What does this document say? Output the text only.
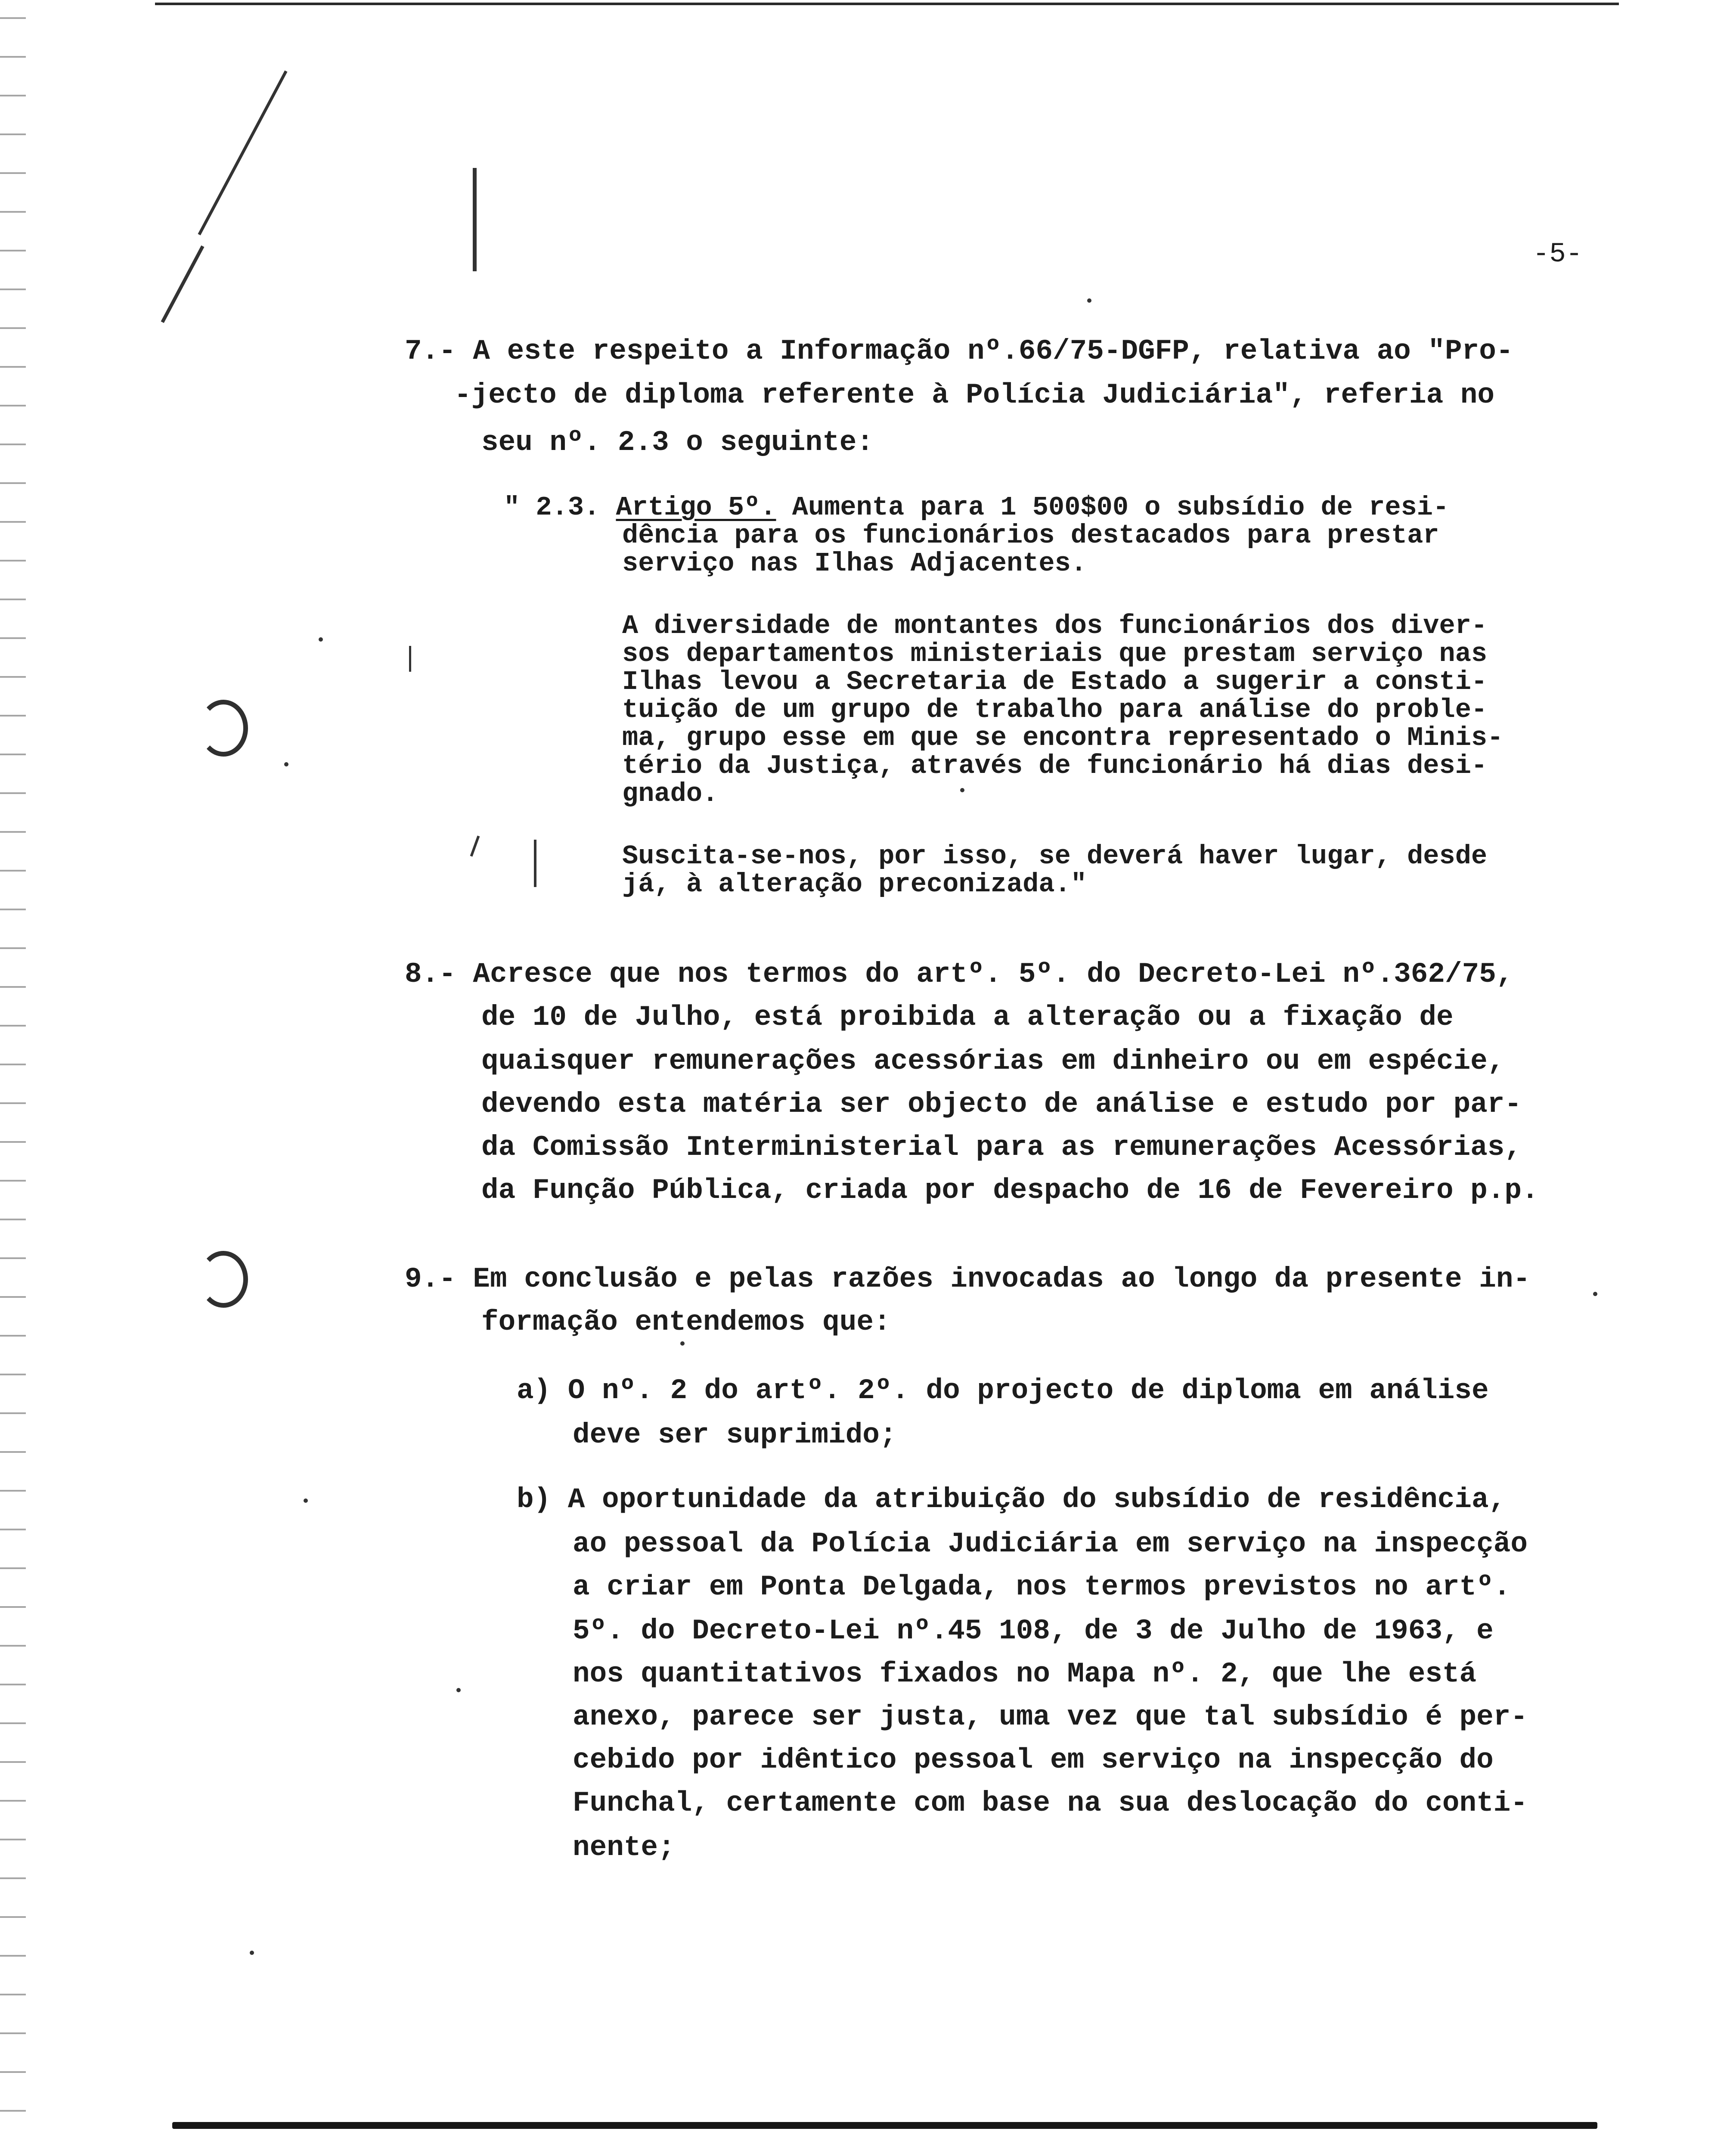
-5-
7.- A este respeito a Informação nº.66/75-DGFP, relativa ao "Pro-
-jecto de diploma referente à Polícia Judiciária", referia no
seu nº. 2.3 o seguinte:
" 2.3. Artigo 5º. Aumenta para 1 500$00 o subsídio de resi-
dência para os funcionários destacados para prestar
serviço nas Ilhas Adjacentes.
A diversidade de montantes dos funcionários dos diver-
sos departamentos ministeriais que prestam serviço nas
Ilhas levou a Secretaria de Estado a sugerir a consti-
tuição de um grupo de trabalho para análise do proble-
ma, grupo esse em que se encontra representado o Minis-
tério da Justiça, através de funcionário há dias desi-
gnado.
Suscita-se-nos, por isso, se deverá haver lugar, desde
já, à alteração preconizada."
8.- Acresce que nos termos do artº. 5º. do Decreto-Lei nº.362/75,
de 10 de Julho, está proibida a alteração ou a fixação de
quaisquer remunerações acessórias em dinheiro ou em espécie,
devendo esta matéria ser objecto de análise e estudo por par-
da Comissão Interministerial para as remunerações Acessórias,
da Função Pública, criada por despacho de 16 de Fevereiro p.p.
9.- Em conclusão e pelas razões invocadas ao longo da presente in-
formação entendemos que:
a) O nº. 2 do artº. 2º. do projecto de diploma em análise
deve ser suprimido;
b) A oportunidade da atribuição do subsídio de residência,
ao pessoal da Polícia Judiciária em serviço na inspecção
a criar em Ponta Delgada, nos termos previstos no artº.
5º. do Decreto-Lei nº.45 108, de 3 de Julho de 1963, e
nos quantitativos fixados no Mapa nº. 2, que lhe está
anexo, parece ser justa, uma vez que tal subsídio é per-
cebido por idêntico pessoal em serviço na inspecção do
Funchal, certamente com base na sua deslocação do conti-
nente;
